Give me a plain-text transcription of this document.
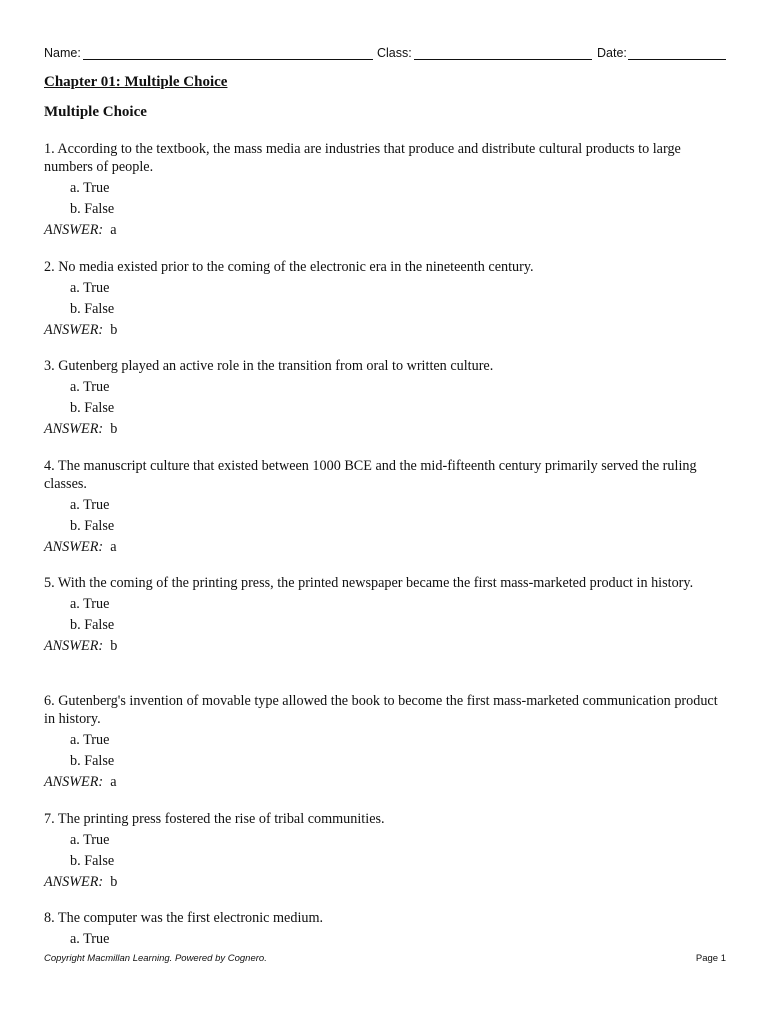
Name:	Class:	Date:
Chapter 01: Multiple Choice
Multiple Choice
1. According to the textbook, the mass media are industries that produce and distribute cultural products to large numbers of people.
a. True
b. False
ANSWER: a
2. No media existed prior to the coming of the electronic era in the nineteenth century.
a. True
b. False
ANSWER: b
3. Gutenberg played an active role in the transition from oral to written culture.
a. True
b. False
ANSWER: b
4. The manuscript culture that existed between 1000 BCE and the mid-fifteenth century primarily served the ruling classes.
a. True
b. False
ANSWER: a
5. With the coming of the printing press, the printed newspaper became the first mass-marketed product in history.
a. True
b. False
ANSWER: b
6. Gutenberg's invention of movable type allowed the book to become the first mass-marketed communication product in history.
a. True
b. False
ANSWER: a
7. The printing press fostered the rise of tribal communities.
a. True
b. False
ANSWER: b
8. The computer was the first electronic medium.
a. True
Copyright Macmillan Learning. Powered by Cognero.	Page 1
